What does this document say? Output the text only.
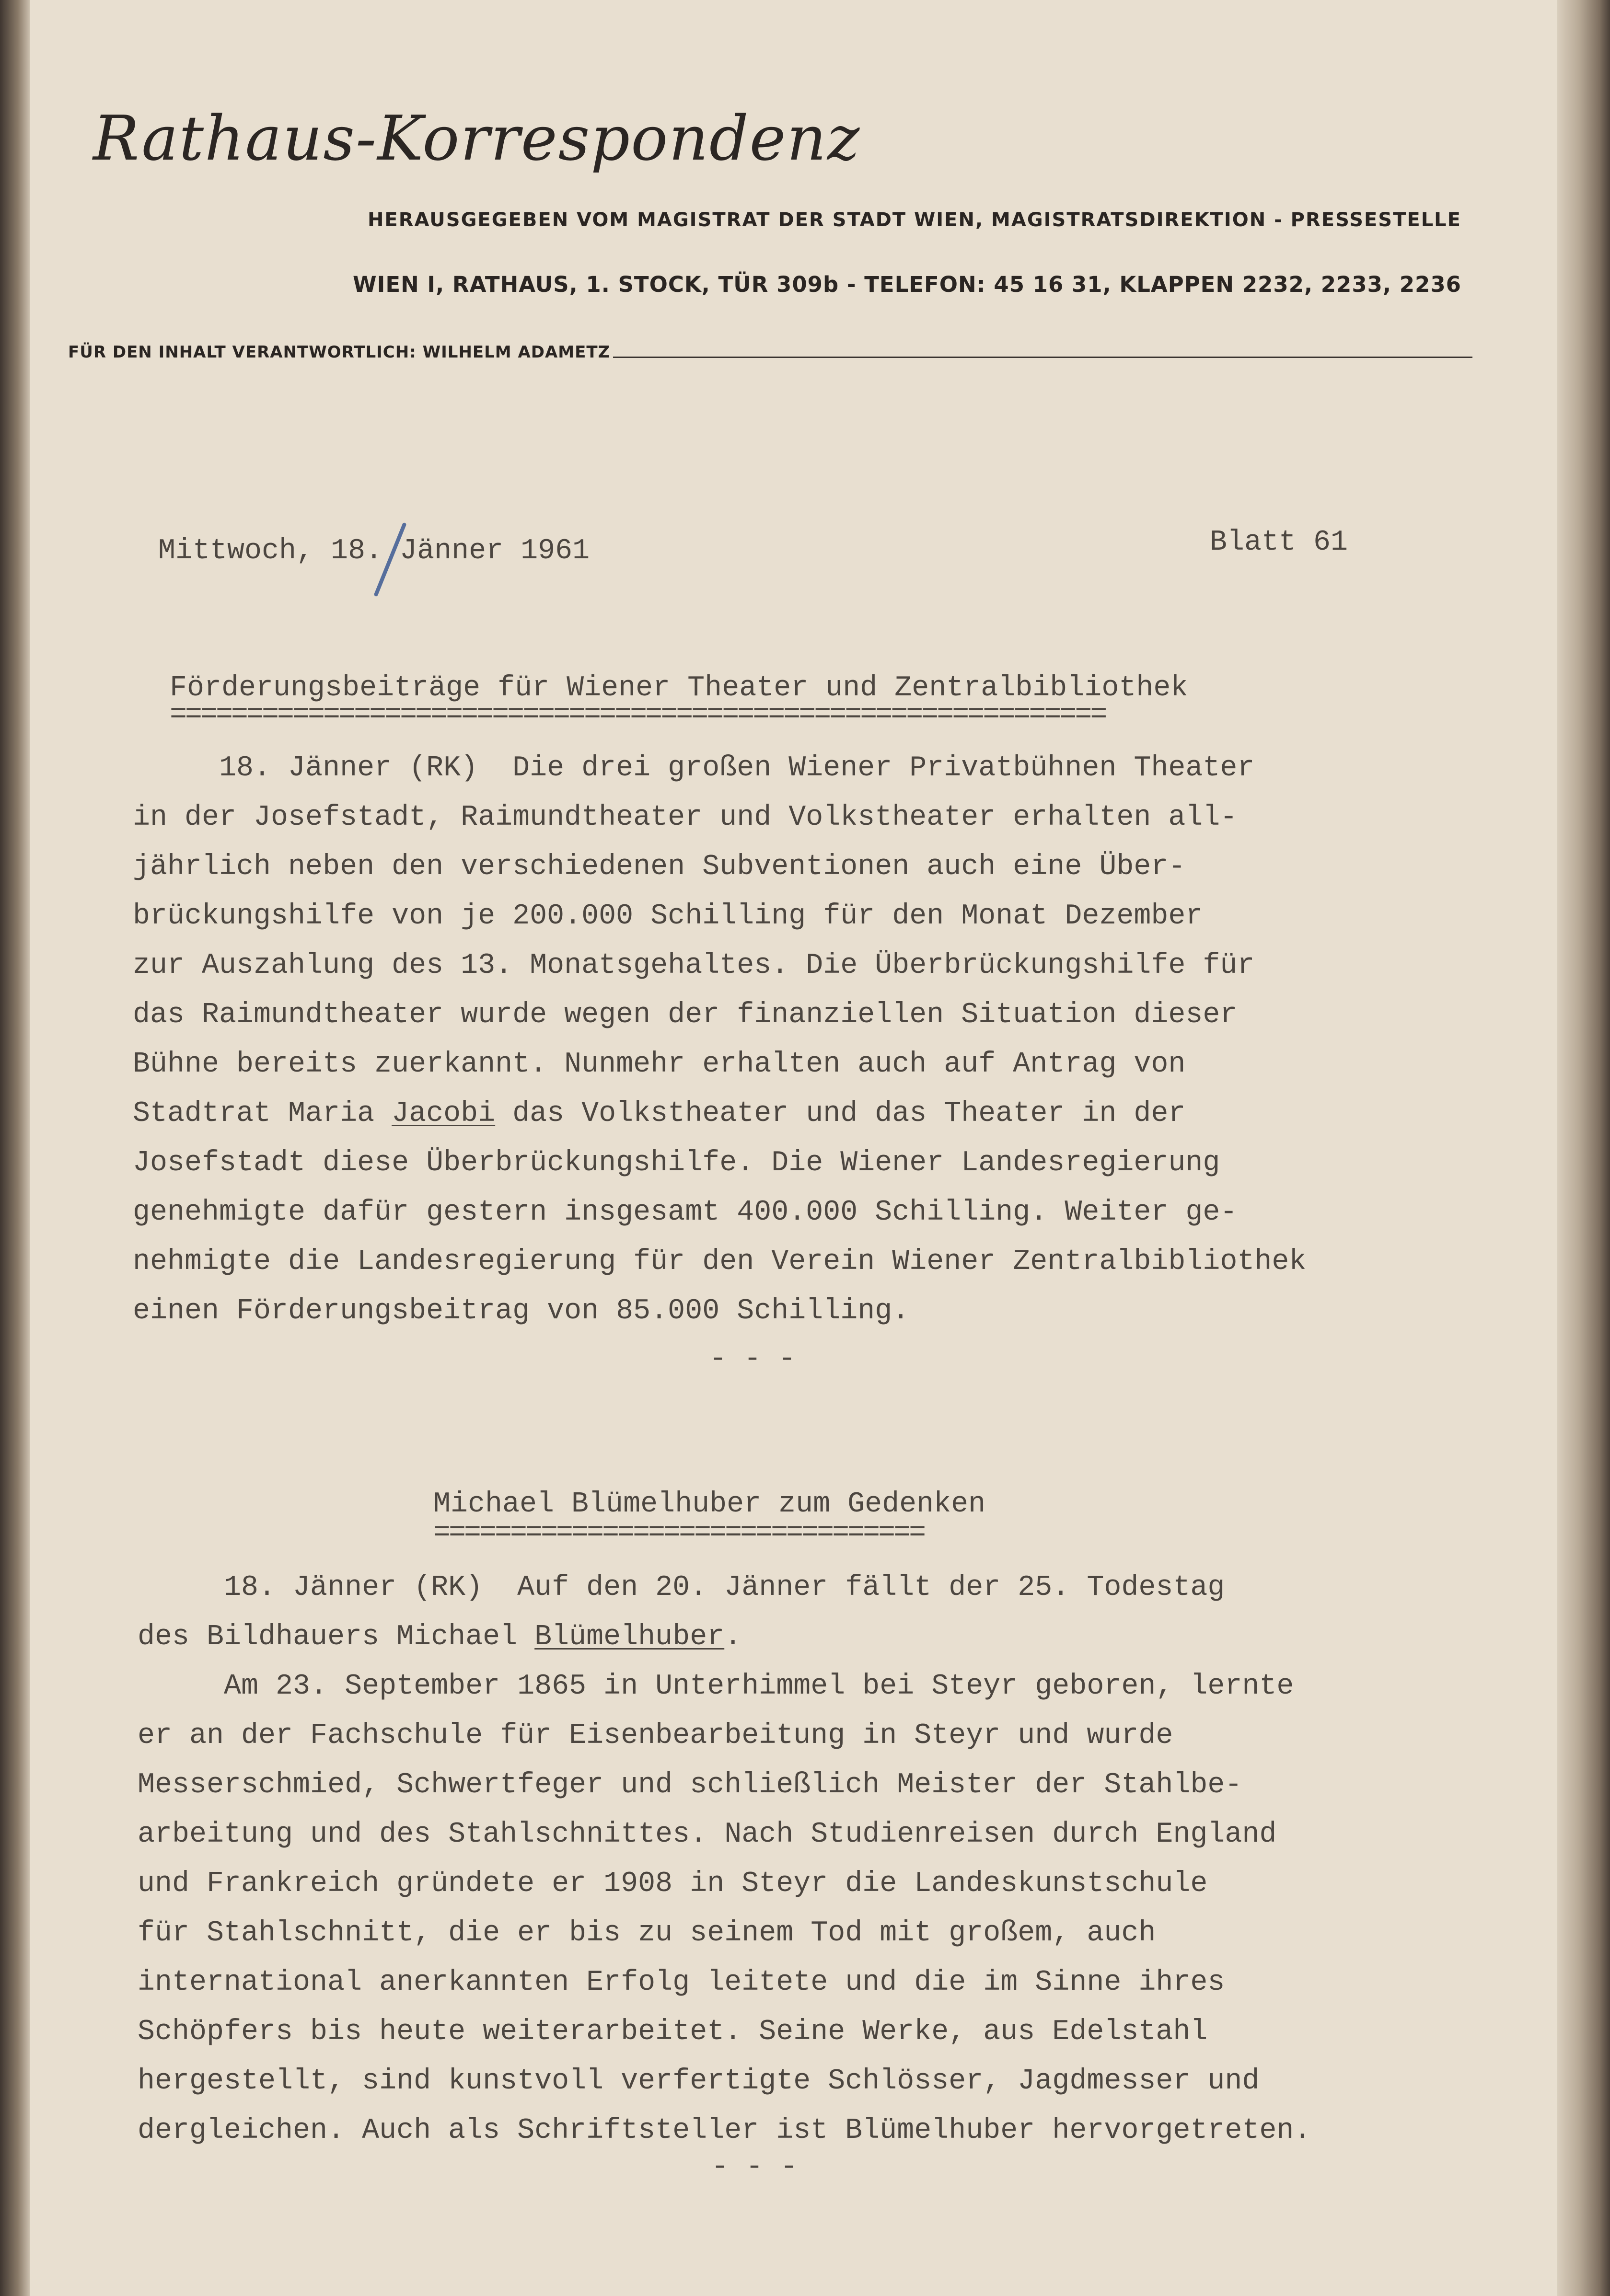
Rathaus-Korrespondenz
HERAUSGEGEBEN VOM MAGISTRAT DER STADT WIEN, MAGISTRATSDIREKTION - PRESSESTELLE
WIEN I, RATHAUS, 1. STOCK, TÜR 309b - TELEFON: 45 16 31, KLAPPEN 2232, 2233, 2236
FÜR DEN INHALT VERANTWORTLICH: WILHELM ADAMETZ
Mittwoch, 18. Jänner 1961	Blatt 61
Förderungsbeiträge für Wiener Theater und Zentralbibliothek
=============================================================
18. Jänner (RK)  Die drei großen Wiener Privatbühnen Theater
in der Josefstadt, Raimundtheater und Volkstheater erhalten all-
jährlich neben den verschiedenen Subventionen auch eine Über-
brückungshilfe von je 200.000 Schilling für den Monat Dezember
zur Auszahlung des 13. Monatsgehaltes. Die Überbrückungshilfe für
das Raimundtheater wurde wegen der finanziellen Situation dieser
Bühne bereits zuerkannt. Nunmehr erhalten auch auf Antrag von
Stadtrat Maria Jacobi das Volkstheater und das Theater in der
Josefstadt diese Überbrückungshilfe. Die Wiener Landesregierung
genehmigte dafür gestern insgesamt 400.000 Schilling. Weiter ge-
nehmigte die Landesregierung für den Verein Wiener Zentralbibliothek
einen Förderungsbeitrag von 85.000 Schilling.
- - -
Michael Blümelhuber zum Gedenken
================================
18. Jänner (RK)  Auf den 20. Jänner fällt der 25. Todestag
des Bildhauers Michael Blümelhuber.
Am 23. September 1865 in Unterhimmel bei Steyr geboren, lernte
er an der Fachschule für Eisenbearbeitung in Steyr und wurde
Messerschmied, Schwertfeger und schließlich Meister der Stahlbe-
arbeitung und des Stahlschnittes. Nach Studienreisen durch England
und Frankreich gründete er 1908 in Steyr die Landeskunstschule
für Stahlschnitt, die er bis zu seinem Tod mit großem, auch
international anerkannten Erfolg leitete und die im Sinne ihres
Schöpfers bis heute weiterarbeitet. Seine Werke, aus Edelstahl
hergestellt, sind kunstvoll verfertigte Schlösser, Jagdmesser und
dergleichen. Auch als Schriftsteller ist Blümelhuber hervorgetreten.
- - -
